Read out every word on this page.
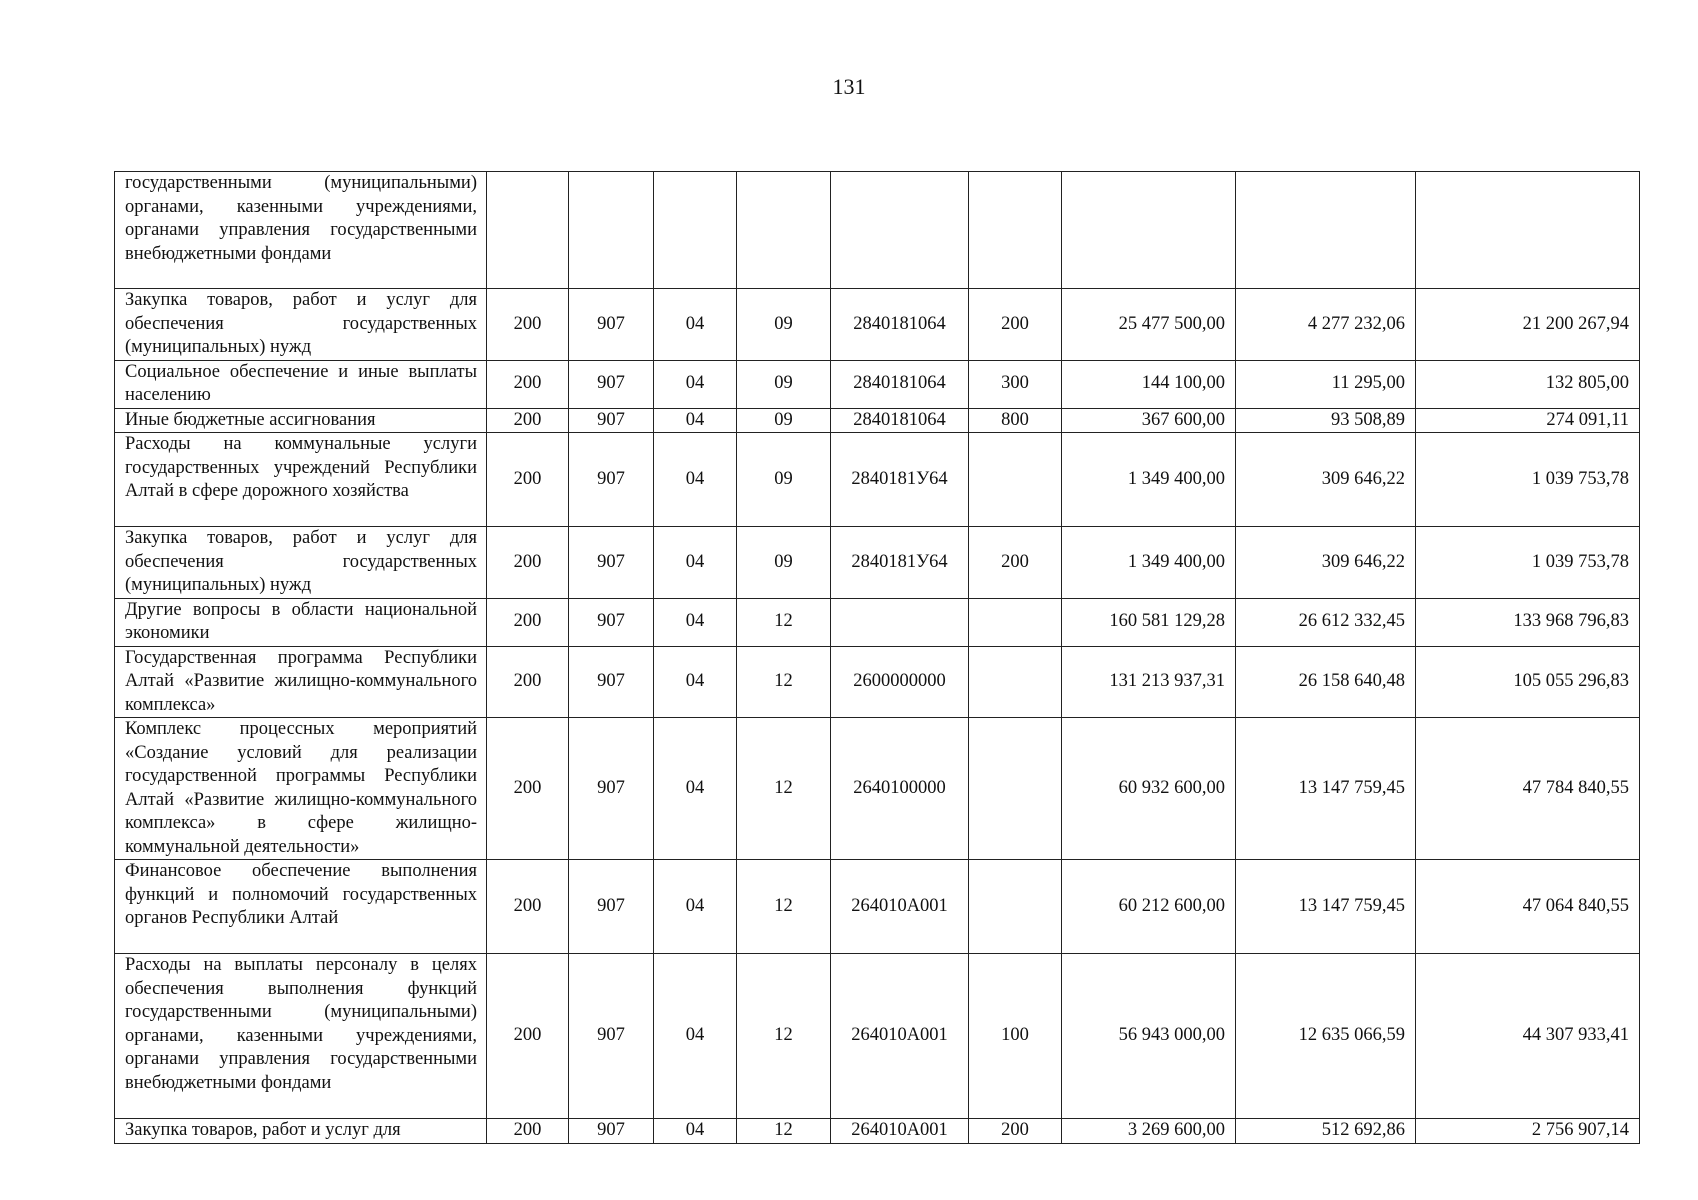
131
государственными (муниципальными) органами, казенными учреждениями, органами управления государственными внебюджетными фондами									
Закупка товаров, работ и услуг для обеспечения государственных (муниципальных) нужд	200	907	04	09	2840181064	200	25 477 500,00	4 277 232,06	21 200 267,94
Социальное обеспечение и иные выплаты населению	200	907	04	09	2840181064	300	144 100,00	11 295,00	132 805,00
Иные бюджетные ассигнования	200	907	04	09	2840181064	800	367 600,00	93 508,89	274 091,11
Расходы на коммунальные услуги государственных учреждений Республики Алтай в сфере дорожного хозяйства	200	907	04	09	2840181У64		1 349 400,00	309 646,22	1 039 753,78
Закупка товаров, работ и услуг для обеспечения государственных (муниципальных) нужд	200	907	04	09	2840181У64	200	1 349 400,00	309 646,22	1 039 753,78
Другие вопросы в области национальной экономики	200	907	04	12			160 581 129,28	26 612 332,45	133 968 796,83
Государственная программа Республики Алтай «Развитие жилищно-коммунального комплекса»	200	907	04	12	2600000000		131 213 937,31	26 158 640,48	105 055 296,83
Комплекс процессных мероприятий «Создание условий для реализации государственной программы Республики Алтай «Развитие жилищно-коммунального комплекса» в сфере жилищно-коммунальной деятельности»	200	907	04	12	2640100000		60 932 600,00	13 147 759,45	47 784 840,55
Финансовое обеспечение выполнения функций и полномочий государственных органов Республики Алтай	200	907	04	12	264010А001		60 212 600,00	13 147 759,45	47 064 840,55
Расходы на выплаты персоналу в целях обеспечения выполнения функций государственными (муниципальными) органами, казенными учреждениями, органами управления государственными внебюджетными фондами	200	907	04	12	264010А001	100	56 943 000,00	12 635 066,59	44 307 933,41
Закупка товаров, работ и услуг для	200	907	04	12	264010А001	200	3 269 600,00	512 692,86	2 756 907,14
